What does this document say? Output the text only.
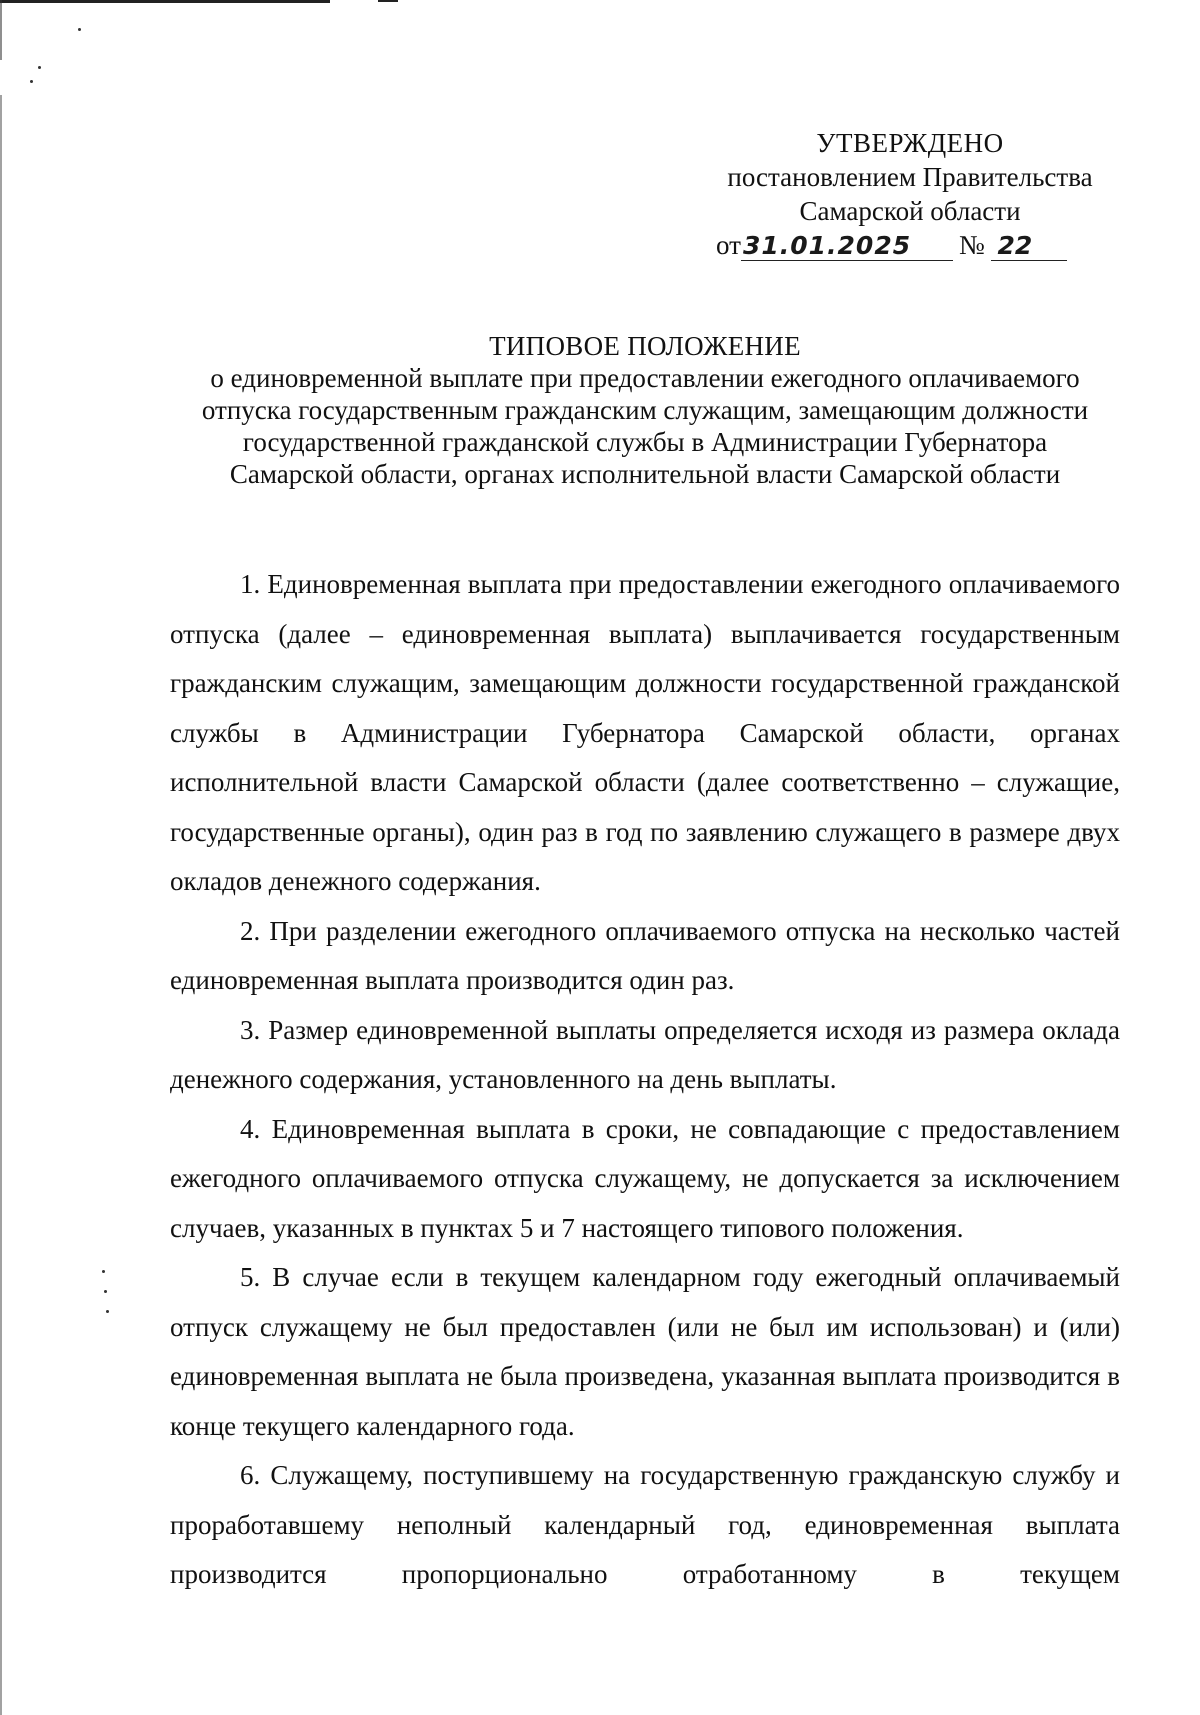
УТВЕРЖДЕНО
постановлением Правительства
Самарской области
от31.01.2025 № 22
ТИПОВОЕ ПОЛОЖЕНИЕ
о единовременной выплате при предоставлении ежегодного оплачиваемого
отпуска государственным гражданским служащим, замещающим должности
государственной гражданской службы в Администрации Губернатора
Самарской области, органах исполнительной власти Самарской области

1. Единовременная выплата при предоставлении ежегодного оплачиваемого отпуска (далее – единовременная выплата) выплачивается государственным гражданским служащим, замещающим должности государственной гражданской службы в Администрации Губернатора Самарской области, органах исполнительной власти Самарской области (далее соответственно – служащие, государственные органы), один раз в год по заявлению служащего в размере двух окладов денежного содержания.

2. При разделении ежегодного оплачиваемого отпуска на несколько частей единовременная выплата производится один раз.

3. Размер единовременной выплаты определяется исходя из размера оклада денежного содержания, установленного на день выплаты.

4. Единовременная выплата в сроки, не совпадающие с предоставлением ежегодного оплачиваемого отпуска служащему, не допускается за исключением случаев, указанных в пунктах 5 и 7 настоящего типового положения.

5. В случае если в текущем календарном году ежегодный оплачиваемый отпуск служащему не был предоставлен (или не был им использован) и (или) единовременная выплата не была произведена, указанная выплата производится в конце текущего календарного года.

6. Служащему, поступившему на государственную гражданскую службу и проработавшему неполный календарный год, единовременная выплата производится пропорционально отработанному в текущем
